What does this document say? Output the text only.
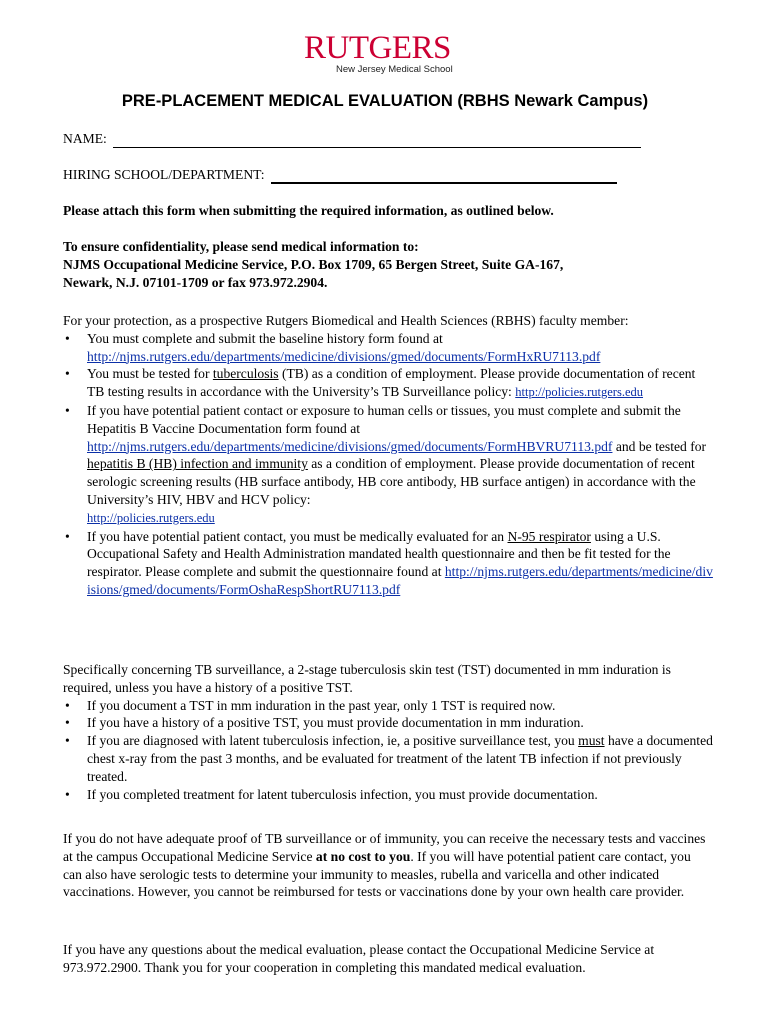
RUTGERS
New Jersey Medical School
PRE-PLACEMENT MEDICAL EVALUATION (RBHS Newark Campus)
NAME:
HIRING SCHOOL/DEPARTMENT:

Please attach this form when submitting the required information, as outlined below.

To ensure confidentiality, please send medical information to:

NJMS Occupational Medicine Service, P.O. Box 1709, 65 Bergen Street, Suite GA-167,

Newark, N.J. 07101-1709 or fax 973.972.2904.

For your protection, as a prospective Rutgers Biomedical and Health Sciences (RBHS) faculty member:

• You must complete and submit the baseline history form found at
http://njms.rutgers.edu/departments/medicine/divisions/gmed/documents/FormHxRU7113.pdf
• You must be tested for tuberculosis (TB) as a condition of employment. Please provide documentation of recent TB testing results in accordance with the University’s TB Surveillance policy: http://policies.rutgers.edu
• If you have potential patient contact or exposure to human cells or tissues, you must complete and submit the Hepatitis B Vaccine Documentation form found at http://njms.rutgers.edu/departments/medicine/divisions/gmed/documents/FormHBVRU7113.pdf and be tested for hepatitis B (HB) infection and immunity as a condition of employment. Please provide documentation of recent serologic screening results (HB surface antibody, HB core antibody, HB surface antigen) in accordance with the University’s HIV, HBV and HCV policy:
http://policies.rutgers.edu
• If you have potential patient contact, you must be medically evaluated for an N-95 respirator using a U.S. Occupational Safety and Health Administration mandated health questionnaire and then be fit tested for the respirator. Please complete and submit the questionnaire found at http://njms.rutgers.edu/departments/medicine/divisions/gmed/documents/FormOshaRespShortRU7113.pdf

Specifically concerning TB surveillance, a 2-stage tuberculosis skin test (TST) documented in mm induration is required, unless you have a history of a positive TST.

• If you document a TST in mm induration in the past year, only 1 TST is required now.
• If you have a history of a positive TST, you must provide documentation in mm induration.
• If you are diagnosed with latent tuberculosis infection, ie, a positive surveillance test, you must have a documented chest x-ray from the past 3 months, and be evaluated for treatment of the latent TB infection if not previously treated.
• If you completed treatment for latent tuberculosis infection, you must provide documentation.

If you do not have adequate proof of TB surveillance or of immunity, you can receive the necessary tests and vaccines at the campus Occupational Medicine Service at no cost to you. If you will have potential patient care contact, you can also have serologic tests to determine your immunity to measles, rubella and varicella and other indicated vaccinations. However, you cannot be reimbursed for tests or vaccinations done by your own health care provider.

If you have any questions about the medical evaluation, please contact the Occupational Medicine Service at 973.972.2900. Thank you for your cooperation in completing this mandated medical evaluation.
